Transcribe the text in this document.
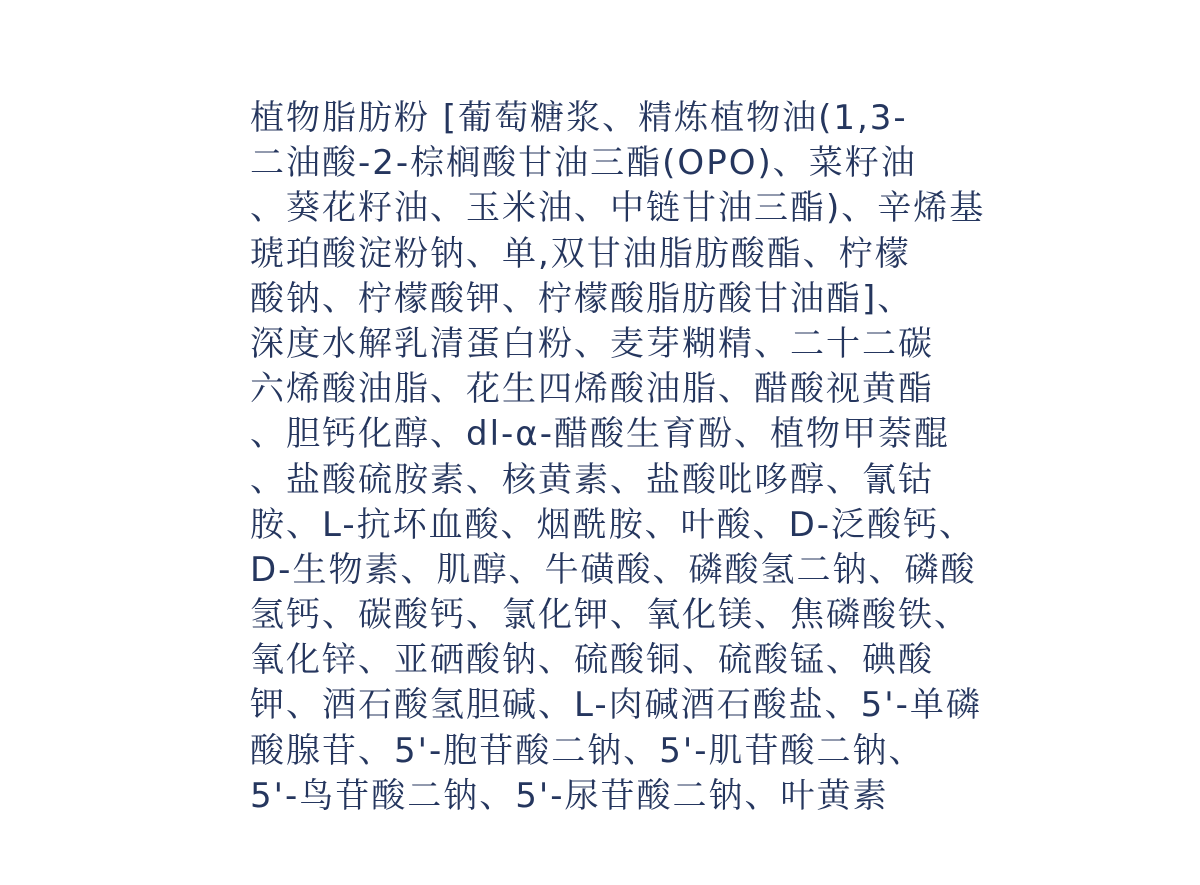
植物脂肪粉 [葡萄糖浆、精炼植物油(1,3-
二油酸-2-棕榈酸甘油三酯(OPO)、菜籽油
、葵花籽油、玉米油、中链甘油三酯)、辛烯基
琥珀酸淀粉钠、单,双甘油脂肪酸酯、柠檬
酸钠、柠檬酸钾、柠檬酸脂肪酸甘油酯]、
深度水解乳清蛋白粉、麦芽糊精、二十二碳
六烯酸油脂、花生四烯酸油脂、醋酸视黄酯
、胆钙化醇、dl-α-醋酸生育酚、植物甲萘醌
、盐酸硫胺素、核黄素、盐酸吡哆醇、氰钴
胺、L-抗坏血酸、烟酰胺、叶酸、D-泛酸钙、
D-生物素、肌醇、牛磺酸、磷酸氢二钠、磷酸
氢钙、碳酸钙、氯化钾、氧化镁、焦磷酸铁、
氧化锌、亚硒酸钠、硫酸铜、硫酸锰、碘酸
钾、酒石酸氢胆碱、L-肉碱酒石酸盐、5'-单磷
酸腺苷、5'-胞苷酸二钠、5'-肌苷酸二钠、
5'-鸟苷酸二钠、5'-尿苷酸二钠、叶黄素
